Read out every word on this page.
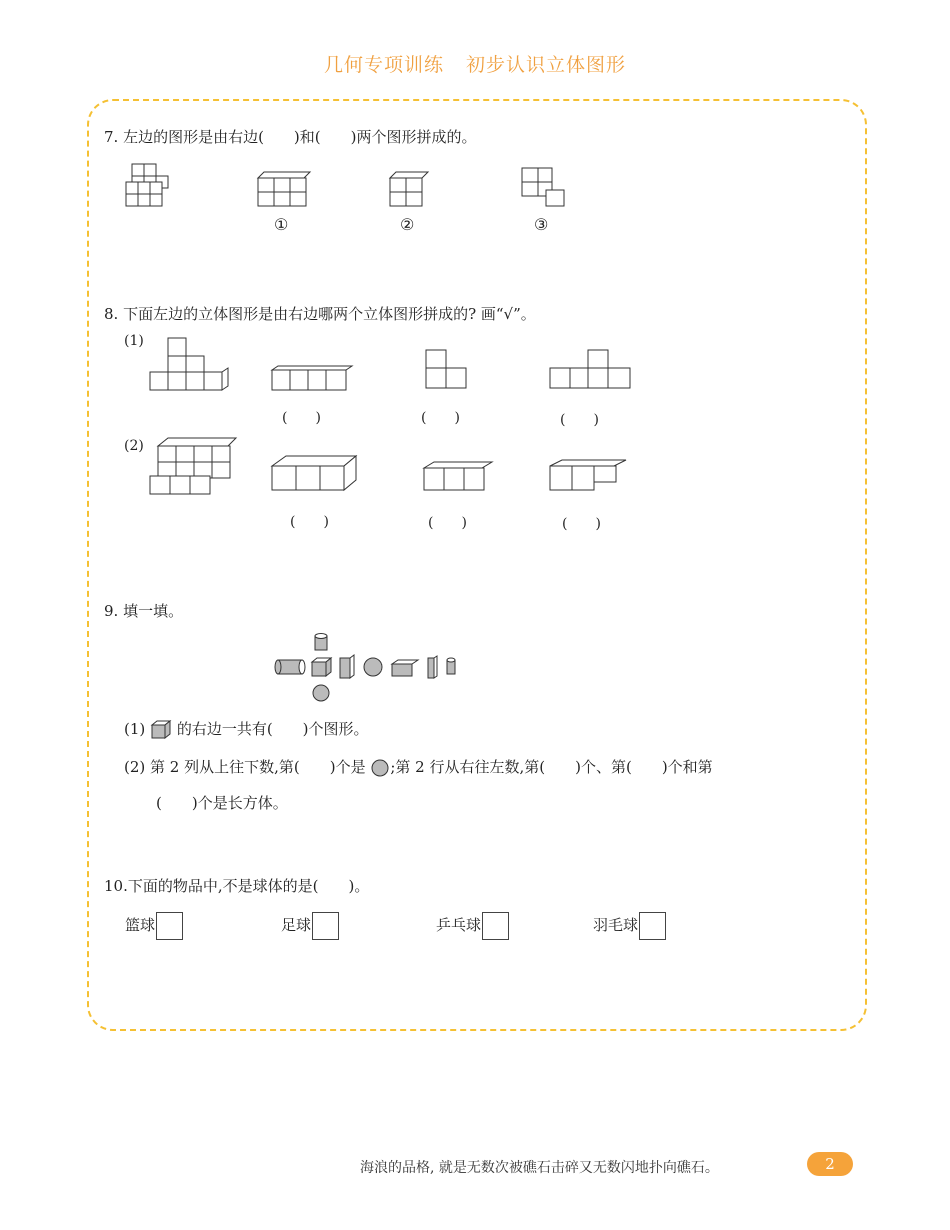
几何专项训练 初步认识立体图形
7. 左边的图形是由右边(　　)和(　　)两个图形拼成的。
①	②	③
8. 下面左边的立体图形是由右边哪两个立体图形拼成的? 画“√”。
(1)
(　　)	(　　)	(　　)
(2)
(　　)	(　　)	(　　)
9. 填一填。
(1) 的右边一共有(　　)个图形。
(2) 第 2 列从上往下数,第(　　)个是 ;第 2 行从右往左数,第(　　)个、第(　　)个和第
(　　)个是长方体。
10.下面的物品中,不是球体的是(　　)。
篮球	足球	乒乓球	羽毛球
海浪的品格, 就是无数次被礁石击碎又无数闪地扑向礁石。	2
